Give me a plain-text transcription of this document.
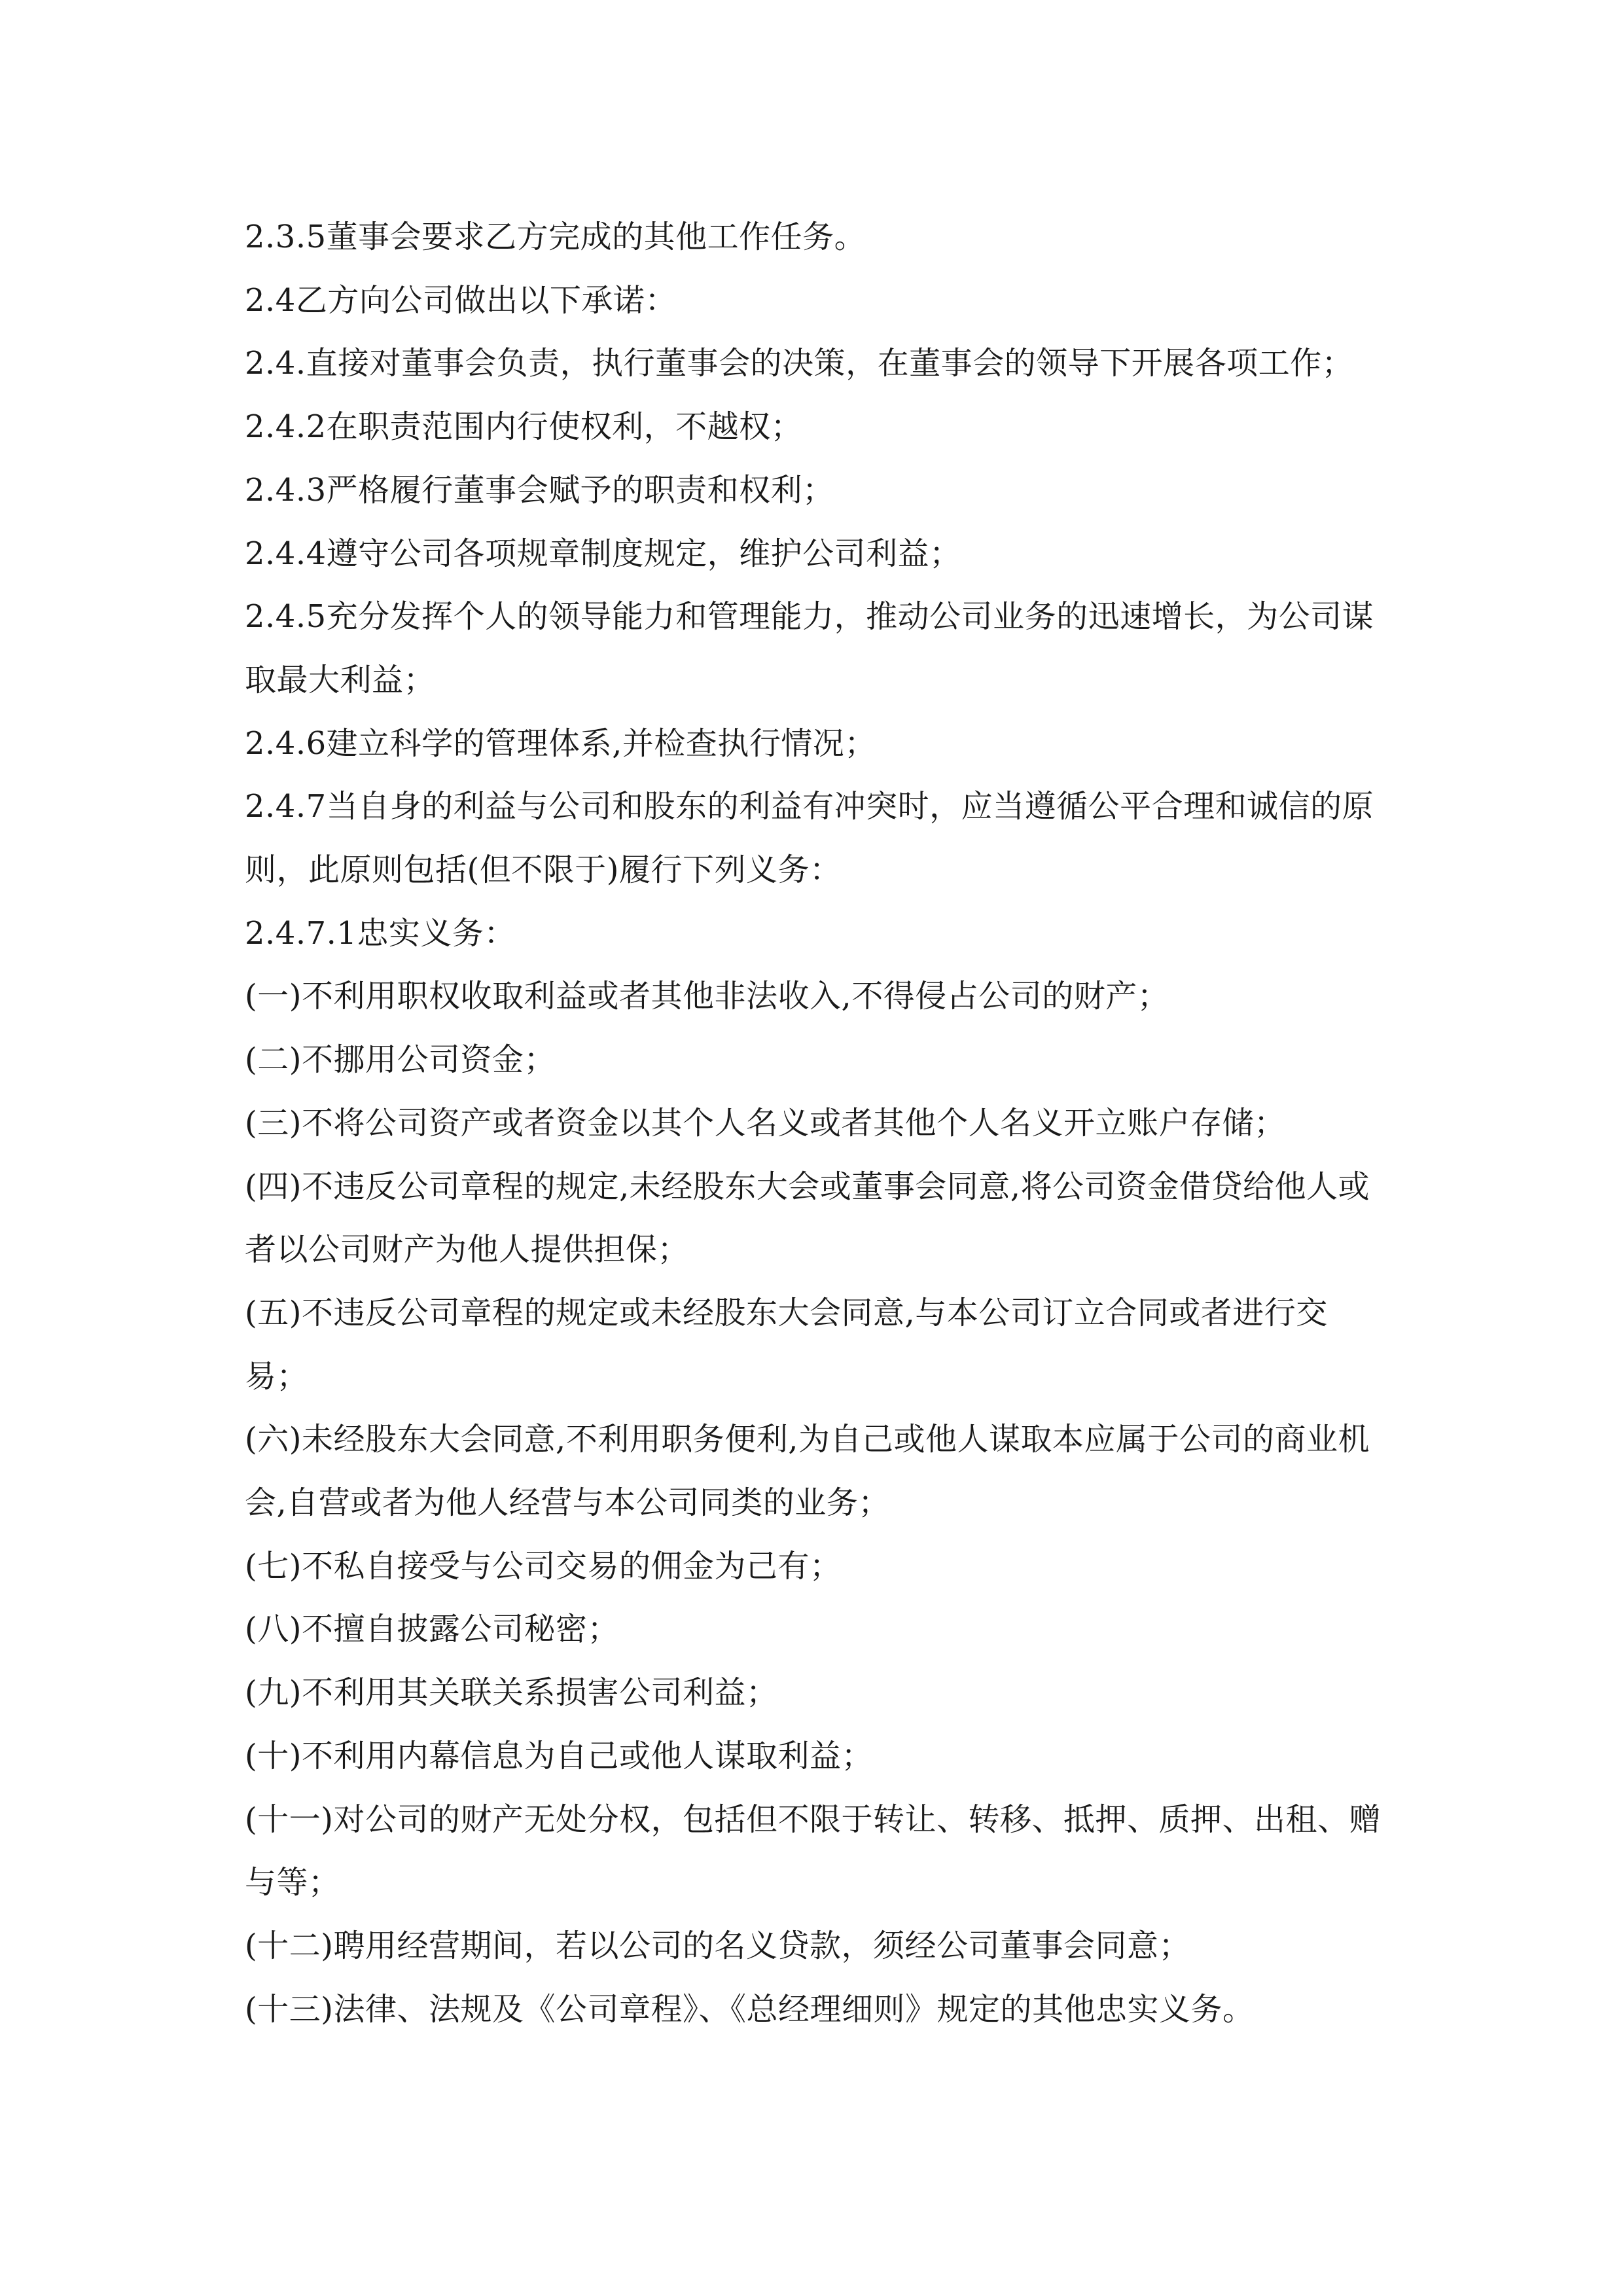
2.3.5董事会要求乙方完成的其他工作任务。

2.4乙方向公司做出以下承诺：

2.4.直接对董事会负责，执行董事会的决策，在董事会的领导下开展各项工作；

2.4.2在职责范围内行使权利，不越权；

2.4.3严格履行董事会赋予的职责和权利；

2.4.4遵守公司各项规章制度规定，维护公司利益；

2.4.5充分发挥个人的领导能力和管理能力，推动公司业务的迅速增长，为公司谋取最大利益；

2.4.6建立科学的管理体系,并检查执行情况；

2.4.7当自身的利益与公司和股东的利益有冲突时，应当遵循公平合理和诚信的原则，此原则包括(但不限于)履行下列义务：

2.4.7.1忠实义务：

(一)不利用职权收取利益或者其他非法收入,不得侵占公司的财产；

(二)不挪用公司资金；

(三)不将公司资产或者资金以其个人名义或者其他个人名义开立账户存储；

(四)不违反公司章程的规定,未经股东大会或董事会同意,将公司资金借贷给他人或者以公司财产为他人提供担保；

(五)不违反公司章程的规定或未经股东大会同意,与本公司订立合同或者进行交易；

(六)未经股东大会同意,不利用职务便利,为自己或他人谋取本应属于公司的商业机会,自营或者为他人经营与本公司同类的业务；

(七)不私自接受与公司交易的佣金为己有；

(八)不擅自披露公司秘密；

(九)不利用其关联关系损害公司利益；

(十)不利用内幕信息为自己或他人谋取利益；

(十一)对公司的财产无处分权，包括但不限于转让、转移、抵押、质押、出租、赠与等；

(十二)聘用经营期间，若以公司的名义贷款，须经公司董事会同意；

(十三)法律、法规及《公司章程》、《总经理细则》规定的其他忠实义务。
